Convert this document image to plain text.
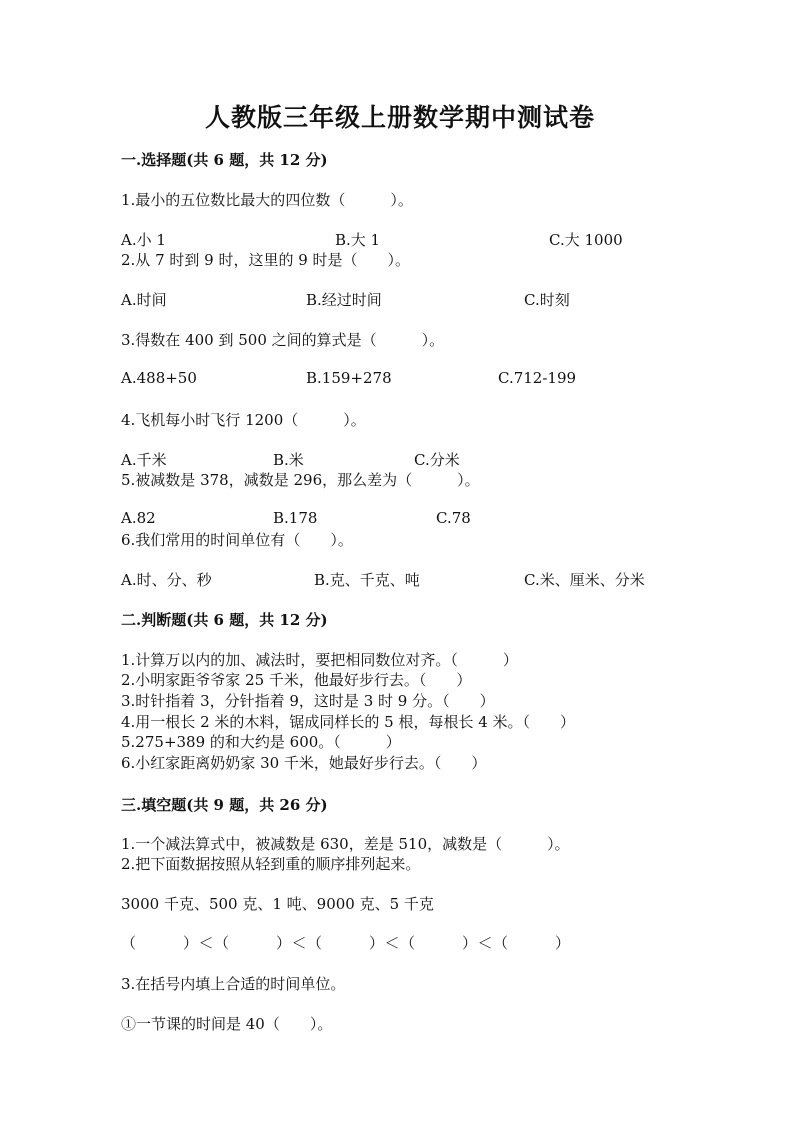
人教版三年级上册数学期中测试卷
一.选择题(共 6 题，共 12 分)
1.最小的五位数比最大的四位数（　　　）。
A.小 1	B.大 1	C.大 1000
2.从 7 时到 9 时，这里的 9 时是（　　）。
A.时间	B.经过时间	C.时刻
3.得数在 400 到 500 之间的算式是（　　　）。
A.488+50	B.159+278	C.712-199
4.飞机每小时飞行 1200（　　　）。
A.千米	B.米	C.分米
5.被减数是 378，减数是 296，那么差为（　　　）。
A.82	B.178	C.78
6.我们常用的时间单位有（　　）。
A.时、分、秒	B.克、千克、吨	C.米、厘米、分米
二.判断题(共 6 题，共 12 分)
1.计算万以内的加、减法时，要把相同数位对齐。（　　　）
2.小明家距爷爷家 25 千米，他最好步行去。（　　）
3.时针指着 3，分针指着 9，这时是 3 时 9 分。（　　）
4.用一根长 2 米的木料，锯成同样长的 5 根，每根长 4 米。（　　）
5.275+389 的和大约是 600。（　　　）
6.小红家距离奶奶家 30 千米，她最好步行去。（　　）
三.填空题(共 9 题，共 26 分)
1.一个减法算式中，被减数是 630，差是 510，减数是（　　　）。
2.把下面数据按照从轻到重的顺序排列起来。
3000 千克、500 克、1 吨、9000 克、5 千克
（　　　）＜（　　　）＜（　　　）＜（　　　）＜（　　　）
3.在括号内填上合适的时间单位。
①一节课的时间是 40（　　）。
